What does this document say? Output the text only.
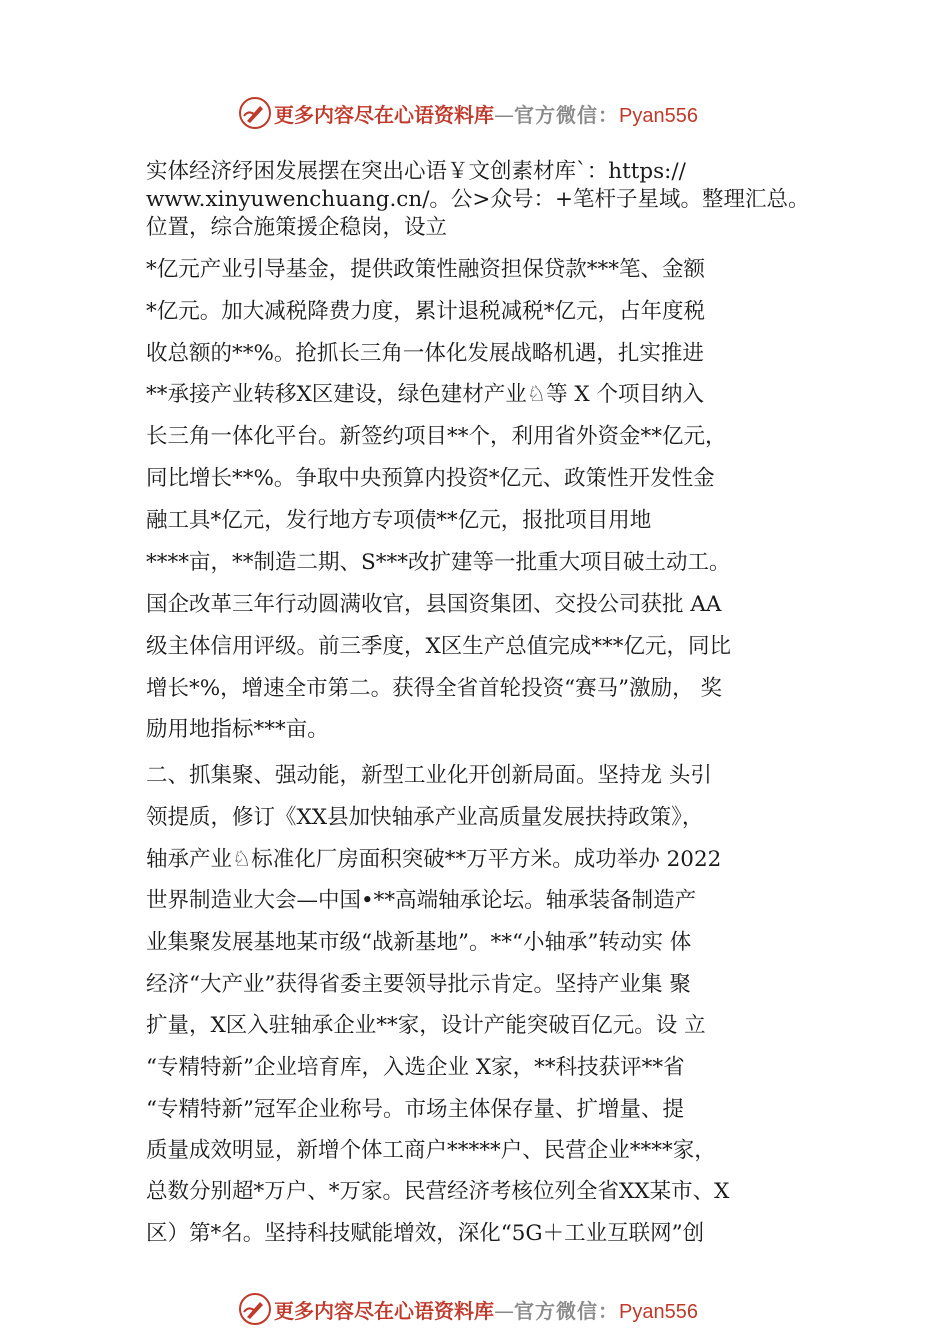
更多内容尽在心语资料库—官方微信：Pyan556
实体经济纾困发展摆在突出心语￥文创素材库`：https://
www.xinyuwenchuang.cn/。公>众号：+笔杆子星域。整理汇总。
位置，综合施策援企稳岗，设立
*亿元产业引导基金，提供政策性融资担保贷款***笔、金额
*亿元。加大减税降费力度，累计退税减税*亿元，占年度税
收总额的**%。抢抓长三角一体化发展战略机遇，扎实推进
**承接产业转移X区建设，绿色建材产业♘等 X 个项目纳入
长三角一体化平台。新签约项目**个，利用省外资金**亿元，
同比增长**%。争取中央预算内投资*亿元、政策性开发性金
融工具*亿元，发行地方专项债**亿元，报批项目用地
****亩，**制造二期、S***改扩建等一批重大项目破土动工。
国企改革三年行动圆满收官，县国资集团、交投公司获批 AA
级主体信用评级。前三季度，X区生产总值完成***亿元，同比
增长*%，增速全市第二。获得全省首轮投资“赛马”激励， 奖
励用地指标***亩。
二、抓集聚、强动能，新型工业化开创新局面。坚持龙 头引
领提质，修订《XX县加快轴承产业高质量发展扶持政策》，
轴承产业♘标准化厂房面积突破**万平方米。成功举办 2022
世界制造业大会—中国•**高端轴承论坛。轴承装备制造产
业集聚发展基地某市级“战新基地”。**“小轴承”转动实 体
经济“大产业”获得省委主要领导批示肯定。坚持产业集 聚
扩量，X区入驻轴承企业**家，设计产能突破百亿元。设 立
“专精特新”企业培育库，入选企业 X家，**科技获评**省
“专精特新”冠军企业称号。市场主体保存量、扩增量、提
质量成效明显，新增个体工商户*****户、民营企业****家，
总数分别超*万户、*万家。民营经济考核位列全省XX某市、X
区）第*名。坚持科技赋能增效，深化“5G＋工业互联网”创
更多内容尽在心语资料库—官方微信：Pyan556
